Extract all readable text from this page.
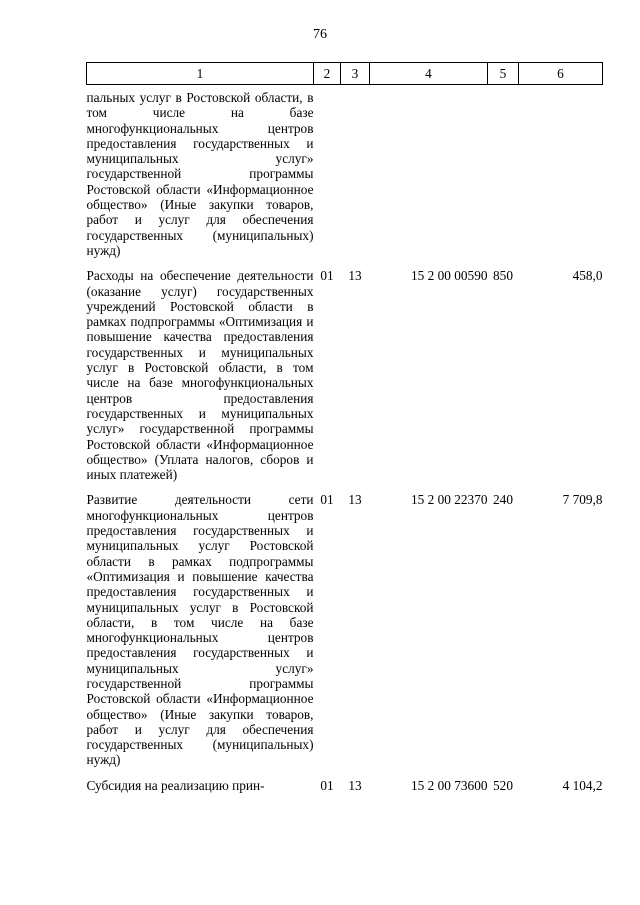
76
1	2	3	4	5	6

пальных услуг в Ростовской области, в том числе на базе многофункциональных центров предоставления государственных и муниципальных услуг» государственной программы Ростовской области «Информационное общество» (Иные закупки товаров, работ и услуг для обеспечения государственных (муниципальных) нужд)					

Расходы на обеспечение деятельности (оказание услуг) государственных учреждений Ростовской области в рамках подпрограммы «Оптимизация и повышение качества предоставления государственных и муниципальных услуг в Ростовской области, в том числе на базе многофункциональных центров предоставления государственных и муниципальных услуг» государственной программы Ростовской области «Информационное общество» (Уплата налогов, сборов и иных платежей)	01	13	15 2 00 00590	850	458,0

Развитие деятельности сети многофункциональных центров предоставления государственных и муниципальных услуг Ростовской области в рамках подпрограммы «Оптимизация и повышение качества предоставления государственных и муниципальных услуг в Ростовской области, в том числе на базе многофункциональных центров предоставления государственных и муниципальных услуг» государственной программы Ростовской области «Информационное общество» (Иные закупки товаров, работ и услуг для обеспечения государственных (муниципальных) нужд)	01	13	15 2 00 22370	240	7 709,8

Субсидия на реализацию прин-	01	13	15 2 00 73600	520	4 104,2
